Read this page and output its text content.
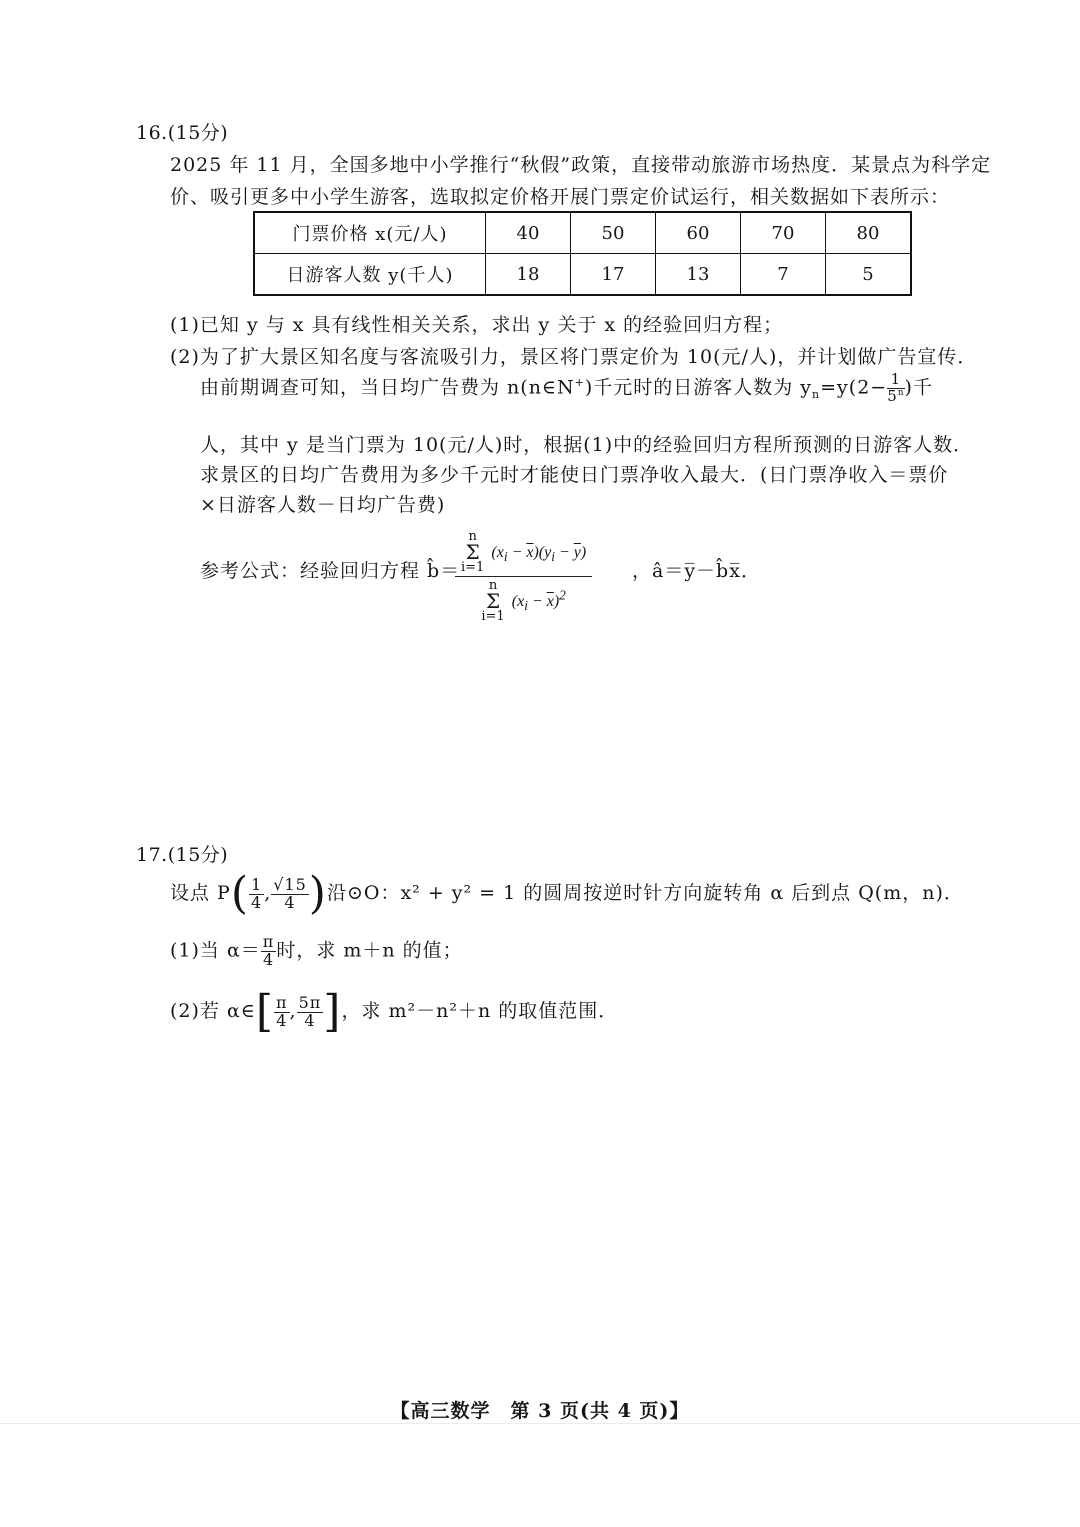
16.(15分)
2025 年 11 月，全国多地中小学推行“秋假”政策，直接带动旅游市场热度．某景点为科学定
价、吸引更多中小学生游客，选取拟定价格开展门票定价试运行，相关数据如下表所示：
门票价格 x(元/人)	40	50	60	70	80
日游客人数 y(千人)	18	17	13	7	5
(1)已知 y 与 x 具有线性相关关系，求出 y 关于 x 的经验回归方程；
(2)为了扩大景区知名度与客流吸引力，景区将门票定价为 10(元/人)，并计划做广告宣传．
由前期调查可知，当日均广告费为 n(n∈N+)千元时的日游客人数为 $y_n=y(2- \frac{1}{5^n}$ )千
人，其中 y 是当门票为 10(元/人)时，根据(1)中的经验回归方程所预测的日游客人数．
求景区的日均广告费用为多少千元时才能使日门票净收入最大．(日门票净收入＝票价
×日游客人数－日均广告费)
参考公式：经验回归方程 b̂＝
n
Σ
i=1 $(x_i - \overline{x})(y_i - \overline{y})$
n
Σ
i=1 $(x_i - \overline{x})^2$
，â＝y̅－b̂x̅．
17.(15分)
设点 $P( \frac{1}{4}$ , $\frac{√15}{4}$ )沿⊙O：x² + y² = 1 的圆周按逆时针方向旋转角 α 后到点 Q(m，n)．
(1)当 $\alpha= \frac{\pi}{4}$ 时，求 m＋n 的值；
(2)若 α∈[ $\frac{\pi}{4}$ , $\frac{5\pi}{4}$ ]，求 m²－n²＋n 的取值范围．
【高三数学　第 3 页(共 4 页)】
